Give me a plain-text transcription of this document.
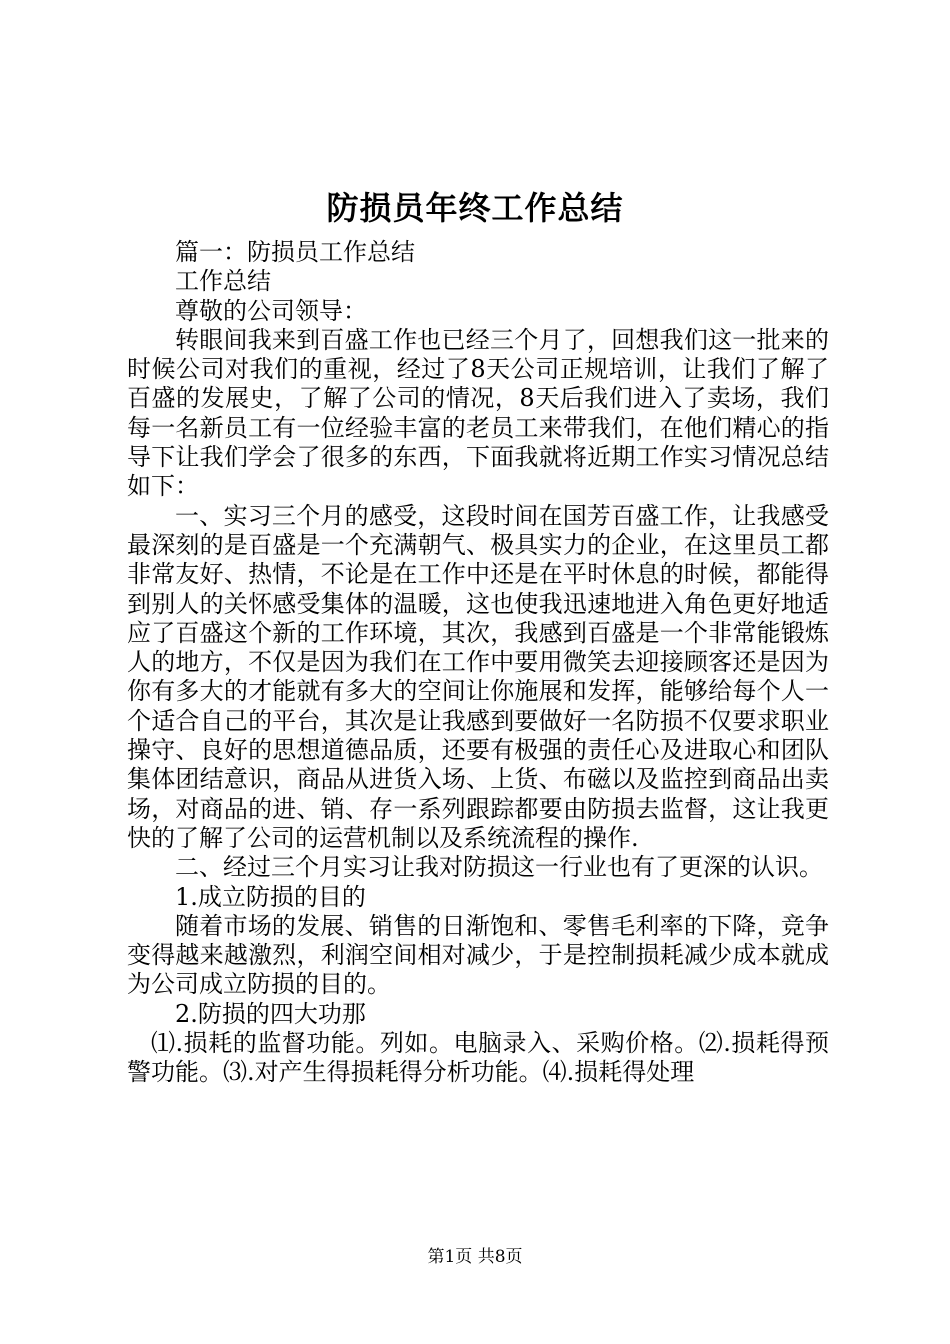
防损员年终工作总结

篇一：防损员工作总结

工作总结

尊敬的公司领导：

转眼间我来到百盛工作也已经三个月了，回想我们这一批来的时候公司对我们的重视，经过了8天公司正规培训，让我们了解了百盛的发展史，了解了公司的情况，8天后我们进入了卖场，我们每一名新员工有一位经验丰富的老员工来带我们，在他们精心的指导下让我们学会了很多的东西，下面我就将近期工作实习情况总结如下：

一、实习三个月的感受，这段时间在国芳百盛工作，让我感受最深刻的是百盛是一个充满朝气、极具实力的企业，在这里员工都非常友好、热情，不论是在工作中还是在平时休息的时候，都能得到别人的关怀感受集体的温暖，这也使我迅速地进入角色更好地适应了百盛这个新的工作环境，其次，我感到百盛是一个非常能锻炼人的地方，不仅是因为我们在工作中要用微笑去迎接顾客还是因为你有多大的才能就有多大的空间让你施展和发挥，能够给每个人一个适合自己的平台，其次是让我感到要做好一名防损不仅要求职业操守、良好的思想道德品质，还要有极强的责任心及进取心和团队集体团结意识，商品从进货入场、上货、布磁以及监控到商品出卖场，对商品的进、销、存一系列跟踪都要由防损去监督，这让我更快的了解了公司的运营机制以及系统流程的操作.

二、经过三个月实习让我对防损这一行业也有了更深的认识。

1.成立防损的目的

随着市场的发展、销售的日渐饱和、零售毛利率的下降，竞争变得越来越激烈，利润空间相对减少，于是控制损耗减少成本就成为公司成立防损的目的。

2.防损的四大功那

⑴.损耗的监督功能。列如。电脑录入、采购价格。⑵.损耗得预警功能。⑶.对产生得损耗得分析功能。⑷.损耗得处理

第1页 共8页
